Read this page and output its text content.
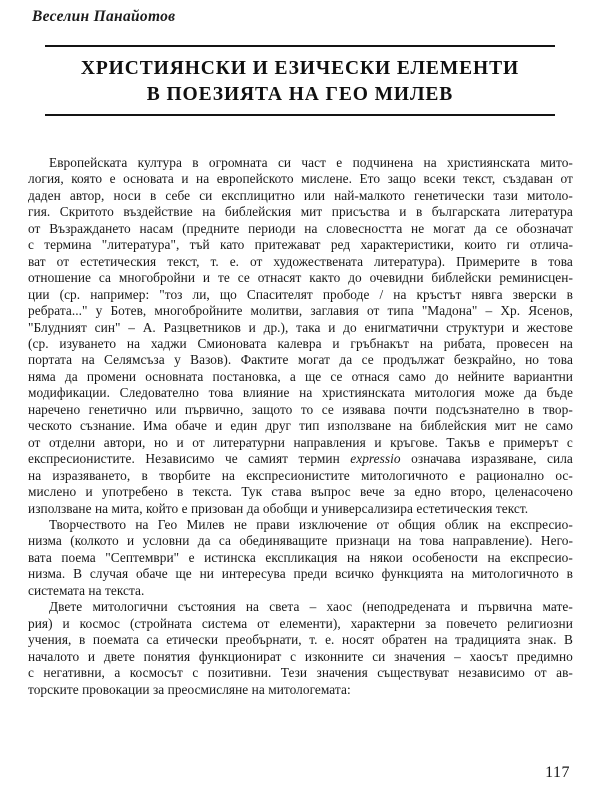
Веселин Панайотов
ХРИСТИЯНСКИ И ЕЗИЧЕСКИ ЕЛЕМЕНТИ
В ПОЕЗИЯТА НА ГЕО МИЛЕВ

Европейската култура в огромната си част е подчинена на християнската мито-
логия, която е основата и на европейското мислене. Ето защо всеки текст, създаван от
даден автор, носи в себе си експлицитно или най-малкото генетически тази митоло-
гия. Скритото въздействие на библейския мит присъства и в българската литература
от Възраждането насам (предните периоди на словесността не могат да се обозначат
с термина "литература", тъй като притежават ред характеристики, които ги отлича-
ват от естетическия текст, т. е. от художествената литература). Примерите в това
отношение са многобройни и те се отнасят както до очевидни библейски реминисцен-
ции (ср. например: "тоз ли, що Спасителят прободе / на кръстът нявга зверски в
ребрата..." у Ботев, многобройните молитви, заглавия от типа "Мадона" – Хр. Ясенов,
"Блудният син" – А. Разцветников и др.), така и до енигматични структури и жестове
(ср. изуването на хаджи Смионовата калевра и гръбнакът на рибата, провесен на
портата на Селямсъза у Вазов). Фактите могат да се продължат безкрайно, но това
няма да промени основната постановка, а ще се отнася само до нейните вариантни
модификации. Следователно това влияние на християнската митология може да бъде
наречено генетично или първично, защото то се изявава почти подсъзнателно в твор-
ческото съзнание. Има обаче и един друг тип използване на библейския мит не само
от отделни автори, но и от литературни направления и кръгове. Такъв е примерът с
експресионистите. Независимо че самият термин expressio означава изразяване, сила
на изразяването, в творбите на експресионистите митологичното е рационално ос-
мислено и употребено в текста. Тук става въпрос вече за едно второ, целенасочено
използване на мита, който е призован да обобщи и универсализира естетическия текст.

Творчеството на Гео Милев не прави изключение от общия облик на експресио-
низма (колкото и условни да са обединяващите признаци на това направление). Него-
вата поема "Септември" е истинска експликация на някои особености на експресио-
низма. В случая обаче ще ни интересува преди всичко функцията на митологичното в
системата на текста.

Двете митологични състояния на света – хаос (неподредената и първична мате-
рия) и космос (стройната система от елементи), характерни за повечето религиозни
учения, в поемата са етически преобърнати, т. е. носят обратен на традицията знак. В
началото и двете понятия функционират с изконните си значения – хаосът предимно
с негативни, а космосът с позитивни. Тези значения съществуват независимо от ав-
торските провокации за преосмисляне на митологемата:

117
